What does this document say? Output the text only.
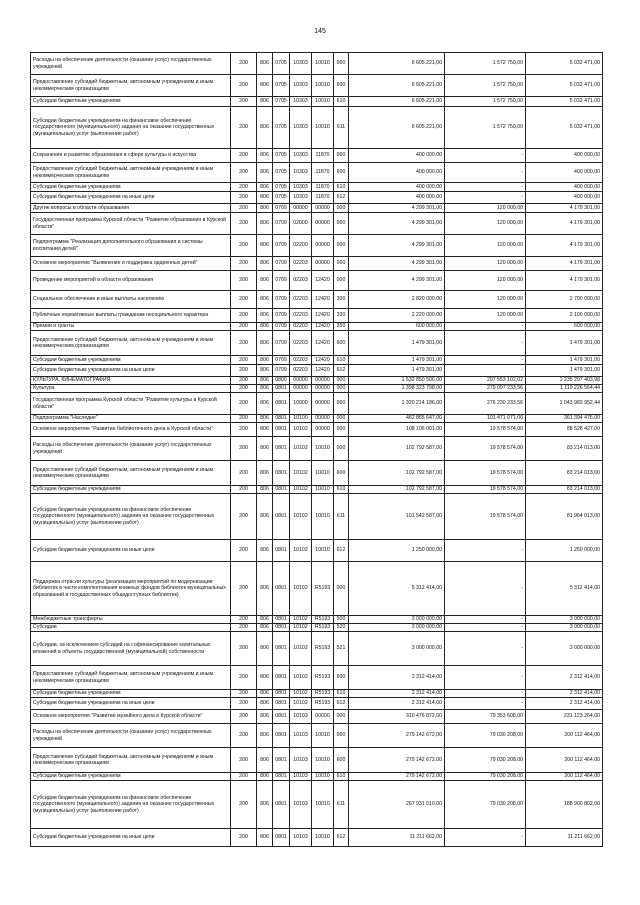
145
Расходы на обеспечение деятельности (оказание услуг) государственных учреждений	200	806	0705	10303	10010	000	6 605 221,00	1 572 750,00	5 032 471,00
Предоставление субсидий бюджетным, автономным учреждениям и иным некоммерческим организациям	200	806	0705	10303	10010	600	6 605 221,00	1 572 750,00	5 032 471,00
Субсидии бюджетным учреждениям	200	806	0705	10303	10010	610	6 605 221,00	1 572 750,00	5 032 471,00
Субсидии бюджетным учреждениям на финансовое обеспечение государственного (муниципального) задания на оказание государственных (муниципальных) услуг (выполнение работ)	200	806	0705	10303	10010	611	6 605 221,00	1 572 750,00	5 032 471,00
Сохранение и развитие образования в сфере культуры и искусства	200	806	0705	10303	11870	000	400 000,00	-	400 000,00
Предоставление субсидий бюджетным, автономным учреждениям и иным некоммерческим организациям	200	806	0705	10303	11870	600	400 000,00	-	400 000,00
Субсидии бюджетным учреждениям	200	806	0705	10303	11870	610	400 000,00	-	400 000,00
Субсидии бюджетным учреждениям на иные цели	200	806	0705	10303	11870	612	400 000,00	-	400 000,00
Другие вопросы в области образования	200	806	0709	00000	00000	000	4 299 301,00	120 000,00	4 179 301,00
Государственная программа Курской области "Развитие образования в Курской области"	200	806	0709	02000	00000	000	4 299 301,00	120 000,00	4 179 301,00
Подпрограмма "Реализация дополнительного образования и системы воспитания детей"	200	806	0709	02200	00000	000	4 299 301,00	120 000,00	4 179 301,00
Основное мероприятие "Выявление и поддержка одаренных детей"	200	806	0709	02203	00000	000	4 299 301,00	120 000,00	4 179 301,00
Проведение мероприятий в области образования	200	806	0709	02203	12420	000	4 299 301,00	120 000,00	4 179 301,00
Социальное обеспечение и иные выплаты населению	200	806	0709	02203	12420	300	2 820 000,00	120 000,00	2 700 000,00
Публичные нормативные выплаты гражданам несоциального характера	200	806	0709	02203	12420	330	2 220 000,00	120 000,00	2 100 000,00
Премии и гранты	200	806	0709	02203	12420	350	600 000,00	-	600 000,00
Предоставление субсидий бюджетным, автономным учреждениям и иным некоммерческим организациям	200	806	0709	02203	12420	600	1 479 301,00	-	1 479 301,00
Субсидии бюджетным учреждениям	200	806	0709	02203	12420	610	1 479 301,00	-	1 479 301,00
Субсидии бюджетным учреждениям на иные цели	200	806	0709	02203	12420	612	1 479 301,00	-	1 479 301,00
КУЛЬТУРА, КИНЕМАТОГРАФИЯ	200	806	0800	00000	00000	000	1 532 850 506,00	297 553 102,02	1 235 297 403,98
Культура	200	806	0801	00000	00000	000	1 398 323 798,00	279 097 233,56	1 119 226 564,44
Государственная программа Курской области "Развитие культуры в Курской области"	200	806	0801	10000	00000	000	1 320 214 186,00	276 230 233,56	1 043 983 952,44
Подпрограмма "Наследие"	200	806	0801	10100	00000	000	462 865 647,00	101 471 071,00	361 394 476,00
Основное мероприятие "Развитие библиотечного дела в Курской области"	200	806	0801	10102	00000	000	108 106 001,00	19 578 574,00	88 528 427,00
Расходы на обеспечение деятельности (оказание услуг) государственных учреждений	200	806	0801	10102	10010	000	102 792 587,00	19 578 574,00	83 214 013,00
Предоставление субсидий бюджетным, автономным учреждениям и иным некоммерческим организациям	200	806	0801	10102	10010	600	102 792 587,00	19 578 574,00	83 214 013,00
Субсидии бюджетным учреждениям	200	806	0801	10102	10010	610	102 792 587,00	19 578 574,00	83 214 013,00
Субсидии бюджетным учреждениям на финансовое обеспечение государственного (муниципального) задания на оказание государственных (муниципальных) услуг (выполнение работ)	200	806	0801	10102	10010	611	101 542 587,00	19 578 574,00	81 964 013,00
Субсидии бюджетным учреждениям на иные цели	200	806	0801	10102	10010	612	1 250 000,00	-	1 250 000,00
Поддержка отрасли культуры (реализация мероприятий по модернизации библиотек в части комплектования книжных фондов библиотек муниципальных образований и государственных общедоступных библиотек)	200	806	0801	10102	R5193	000	5 312 414,00	-	5 312 414,00
Межбюджетные трансферты	200	806	0801	10102	R5193	500	3 000 000,00	-	3 000 000,00
Субсидии	200	806	0801	10102	R5193	520	3 000 000,00	-	3 000 000,00
Субсидии, за исключением субсидий на софинансирование капитальных вложений в объекты государственной (муниципальной) собственности	200	806	0801	10102	R5193	521	3 000 000,00	-	3 000 000,00
Предоставление субсидий бюджетным, автономным учреждениям и иным некоммерческим организациям	200	806	0801	10102	R5193	600	2 312 414,00	-	2 312 414,00
Субсидии бюджетным учреждениям	200	806	0801	10102	R5193	610	2 312 414,00	-	2 312 414,00
Субсидии бюджетным учреждениям на иные цели	200	806	0801	10102	R5193	612	2 312 414,00	-	2 312 414,00
Основное мероприятие "Развитие музейного дела в Курской области"	200	806	0801	10103	00000	000	310 476 872,00	79 353 608,00	231 123 264,00
Расходы на обеспечение деятельности (оказание услуг) государственных учреждений	200	806	0801	10103	10010	000	279 142 672,00	79 030 208,00	200 112 464,00
Предоставление субсидий бюджетным, автономным учреждениям и иным некоммерческим организациям	200	806	0801	10103	10010	600	279 142 672,00	79 030 208,00	200 112 464,00
Субсидии бюджетным учреждениям	200	806	0801	10103	10010	610	279 142 672,00	79 030 208,00	200 112 464,00
Субсидии бюджетным учреждениям на финансовое обеспечение государственного (муниципального) задания на оказание государственных (муниципальных) услуг (выполнение работ)	200	806	0801	10103	10010	611	267 931 010,00	79 030 208,00	188 900 802,00
Субсидии бюджетным учреждениям на иные цели	200	806	0801	10103	10010	612	11 211 662,00	-	11 211 662,00
